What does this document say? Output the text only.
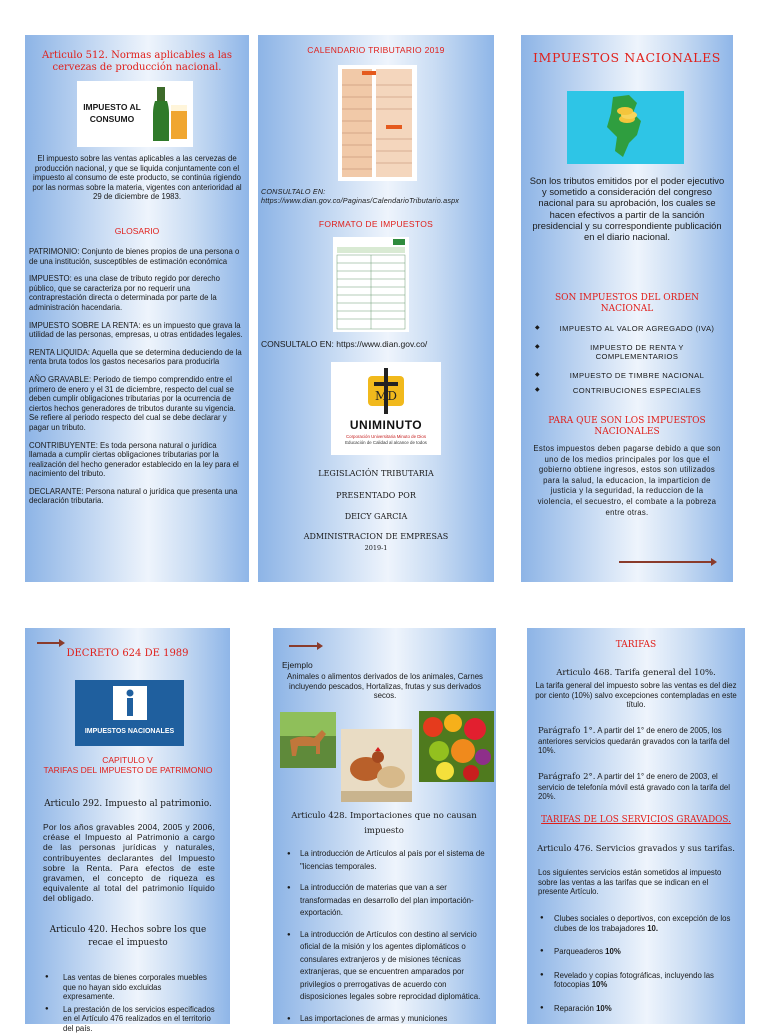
Articulo 512. Normas aplicables a las cervezas de producción nacional.
IMPUESTO AL CONSUMO
El impuesto sobre las ventas aplicables a las cervezas de producción nacional, y que se liquida conjuntamente con el impuesto al consumo de este producto, se continúa rigiendo por las normas sobre la materia, vigentes con anterioridad al 29 de diciembre de 1983.
GLOSARIO

PATRIMONIO: Conjunto de bienes propios de una persona o de una institución, susceptibles de estimación económica

IMPUESTO: es una clase de tributo regido por derecho público, que se caracteriza por no requerir una contraprestación directa o determinada por parte de la administración hacendaria.

IMPUESTO SOBRE LA RENTA: es un impuesto que grava la utilidad de las personas, empresas, u otras entidades legales.

RENTA LIQUIDA: Aquella que se determina deduciendo de la renta bruta todos los gastos necesarios para producirla

AÑO GRAVABLE: Periodo de tiempo comprendido entre el primero de enero y el 31 de diciembre, respecto del cual se deben cumplir obligaciones tributarias por la ocurrencia de ciertos hechos generadores de tributos durante su vigencia. Se refiere al periodo respecto del cual se debe declarar y pagar un tributo.

CONTRIBUYENTE: Es toda persona natural o jurídica llamada a cumplir ciertas obligaciones tributarias por la realización del hecho generador establecido en la ley para el nacimiento del tributo.

DECLARANTE: Persona natural o jurídica que presenta una declaración tributaria.

CALENDARIO TRIBUTARIO 2019
CONSULTALO EN: https://www.dian.gov.co/Paginas/CalendarioTributario.aspx
FORMATO DE IMPUESTOS
CONSULTALO EN: https://www.dian.gov.co/
MD
UNIMINUTO
Corporación Universitaria Minuto de Dios
Educación de Calidad al alcance de todos
LEGISLACIÓN TRIBUTARIA
PRESENTADO POR
DEICY GARCIA
ADMINISTRACION DE EMPRESAS
2019-1
IMPUESTOS NACIONALES
Son los tributos emitidos por el poder ejecutivo y sometido a consideración del congreso nacional para su aprobación, los cuales se hacen efectivos a partir de la sanción presidencial y su correspondiente publicación en el diario nacional.
SON IMPUESTOS DEL ORDEN NACIONAL
◆ IMPUESTO AL VALOR AGREGADO (IVA)
◆ IMPUESTO DE RENTA Y COMPLEMENTARIOS
◆ IMPUESTO DE TIMBRE NACIONAL
◆ CONTRIBUCIONES ESPECIALES
PARA QUE SON LOS IMPUESTOS NACIONALES
Estos impuestos deben pagarse debido a que son uno de los medios principales por los que el gobierno obtiene ingresos, estos son utilizados para la salud, la educacion, la imparticion de justicia y la seguridad, la reduccion de la violencia, el secuestro, el combate a la pobreza entre otras.
DECRETO 624 DE 1989
IMPUESTOS NACIONALES
CAPITULO V
TARIFAS DEL IMPUESTO DE PATRIMONIO
Articulo 292. Impuesto al patrimonio.
Por los años gravables 2004, 2005 y 2006, créase el Impuesto al Patrimonio a cargo de las personas jurídicas y naturales, contribuyentes declarantes del Impuesto sobre la Renta. Para efectos de este gravamen, el concepto de riqueza es equivalente al total del patrimonio líquido del obligado.
Articulo 420. Hechos sobre los que recae el impuesto
● Las ventas de bienes corporales muebles que no hayan sido excluidas expresamente.
● La prestación de los servicios especificados en el Artículo 476 realizados en el territorio del país.
Ejemplo
Animales o alimentos derivados de los animales, Carnes incluyendo pescados, Hortalizas, frutas y sus derivados secos.
Articulo 428. Importaciones que no causan impuesto
● La introducción de Artículos al país por el sistema de "licencias temporales.
● La introducción de materias que van a ser transformadas en desarrollo del plan importación- exportación.
● La introducción de Artículos con destino al servicio oficial de la misión y los agentes diplomáticos o consulares extranjeros y de misiones técnicas extranjeras, que se encuentren amparados por privilegios o prerrogativas de acuerdo con disposiciones legales sobre reprocidad diplomática.
● Las importaciones de armas y municiones
TARIFAS
Articulo 468. Tarifa general del 10%.
La tarifa general del impuesto sobre las ventas es del diez por ciento (10%) salvo excepciones contempladas en este título.
Parágrafo 1°. A partir del 1° de enero de 2005, los anteriores servicios quedarán gravados con la tarifa del 10%.
Parágrafo 2°. A partir del 1° de enero de 2003, el servicio de telefonía móvil está gravado con la tarifa del 20%.
TARIFAS DE LOS SERVICIOS GRAVADOS.
Articulo 476. Servicios gravados y sus tarifas.
Los siguientes servicios están sometidos al impuesto sobre las ventas a las tarifas que se indican en el presente Artículo.
● Clubes sociales o deportivos, con excepción de los clubes de los trabajadores 10.
● Parqueaderos 10%
● Revelado y copias fotográficas, incluyendo las fotocopias 10%
● Reparación 10%
